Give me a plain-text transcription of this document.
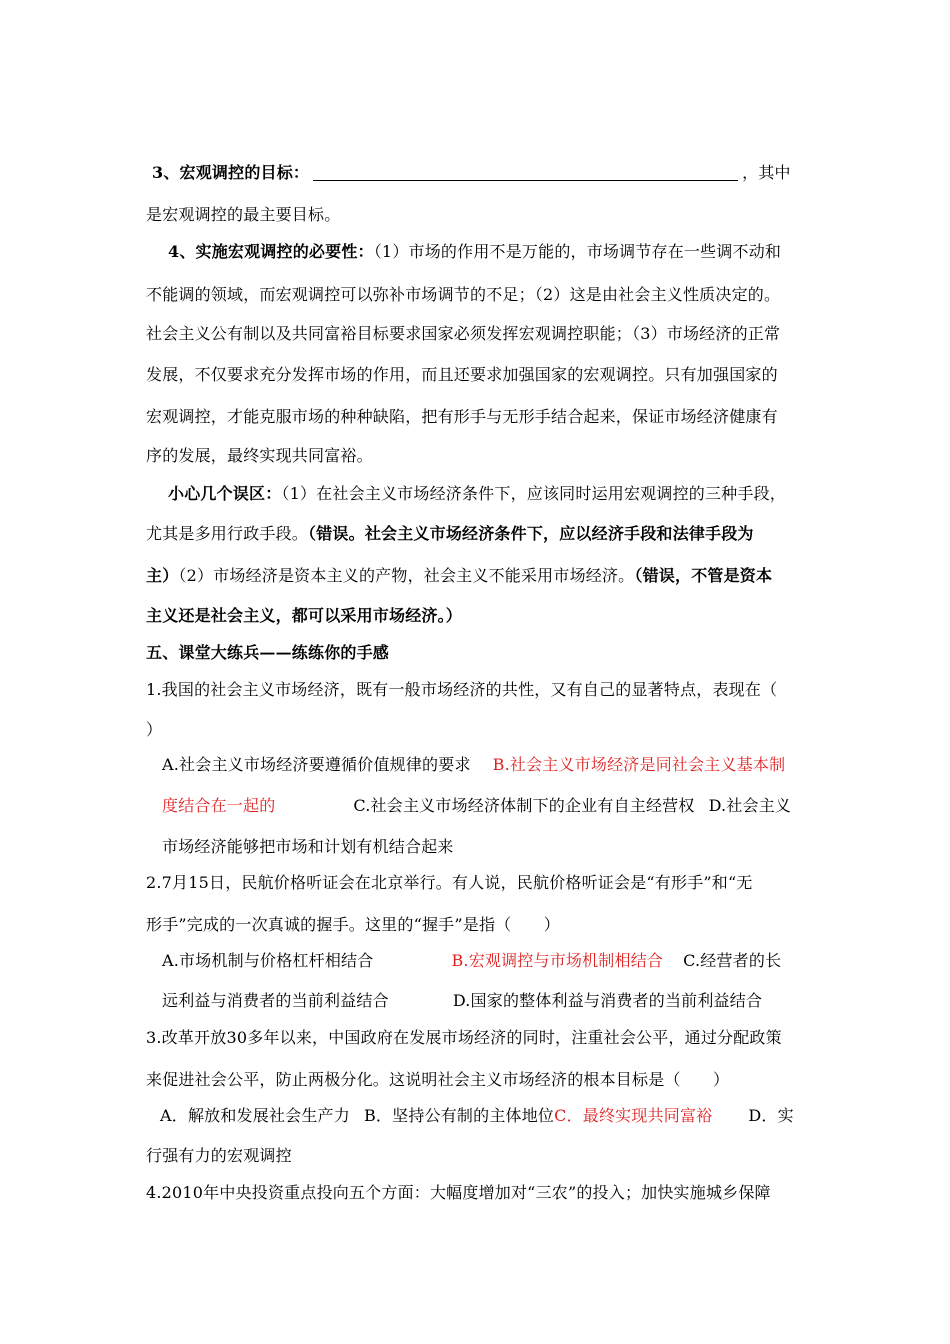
3、宏观调控的目标：	，其中
是宏观调控的最主要目标。
4、实施宏观调控的必要性：（1）市场的作用不是万能的，市场调节存在一些调不动和
不能调的领域，而宏观调控可以弥补市场调节的不足；（2）这是由社会主义性质决定的。
社会主义公有制以及共同富裕目标要求国家必须发挥宏观调控职能；（3）市场经济的正常
发展，不仅要求充分发挥市场的作用，而且还要求加强国家的宏观调控。只有加强国家的
宏观调控，才能克服市场的种种缺陷，把有形手与无形手结合起来，保证市场经济健康有
序的发展，最终实现共同富裕。
小心几个误区：（1）在社会主义市场经济条件下，应该同时运用宏观调控的三种手段，
尤其是多用行政手段。（错误。社会主义市场经济条件下，应以经济手段和法律手段为
主）（2）市场经济是资本主义的产物，社会主义不能采用市场经济。（错误，不管是资本
主义还是社会主义，都可以采用市场经济。）
五、课堂大练兵——练练你的手感
1.我国的社会主义市场经济，既有一般市场经济的共性，又有自己的显著特点，表现在（
）
A.社会主义市场经济要遵循价值规律的要求 B.社会主义市场经济是同社会主义基本制
度结合在一起的	C.社会主义市场经济体制下的企业有自主经营权 D.社会主义
市场经济能够把市场和计划有机结合起来
2.7月15日，民航价格听证会在北京举行。有人说，民航价格听证会是“有形手”和“无
形手”完成的一次真诚的握手。这里的“握手”是指（　　）
A.市场机制与价格杠杆相结合	B.宏观调控与市场机制相结合 C.经营者的长
远利益与消费者的当前利益结合	D.国家的整体利益与消费者的当前利益结合
3.改革开放30多年以来，中国政府在发展市场经济的同时，注重社会公平，通过分配政策
来促进社会公平，防止两极分化。这说明社会主义市场经济的根本目标是（　　）
A．解放和发展社会生产力 B．坚持公有制的主体地位C．最终实现共同富裕 D．实
行强有力的宏观调控
4.2010年中央投资重点投向五个方面：大幅度增加对“三农”的投入；加快实施城乡保障
